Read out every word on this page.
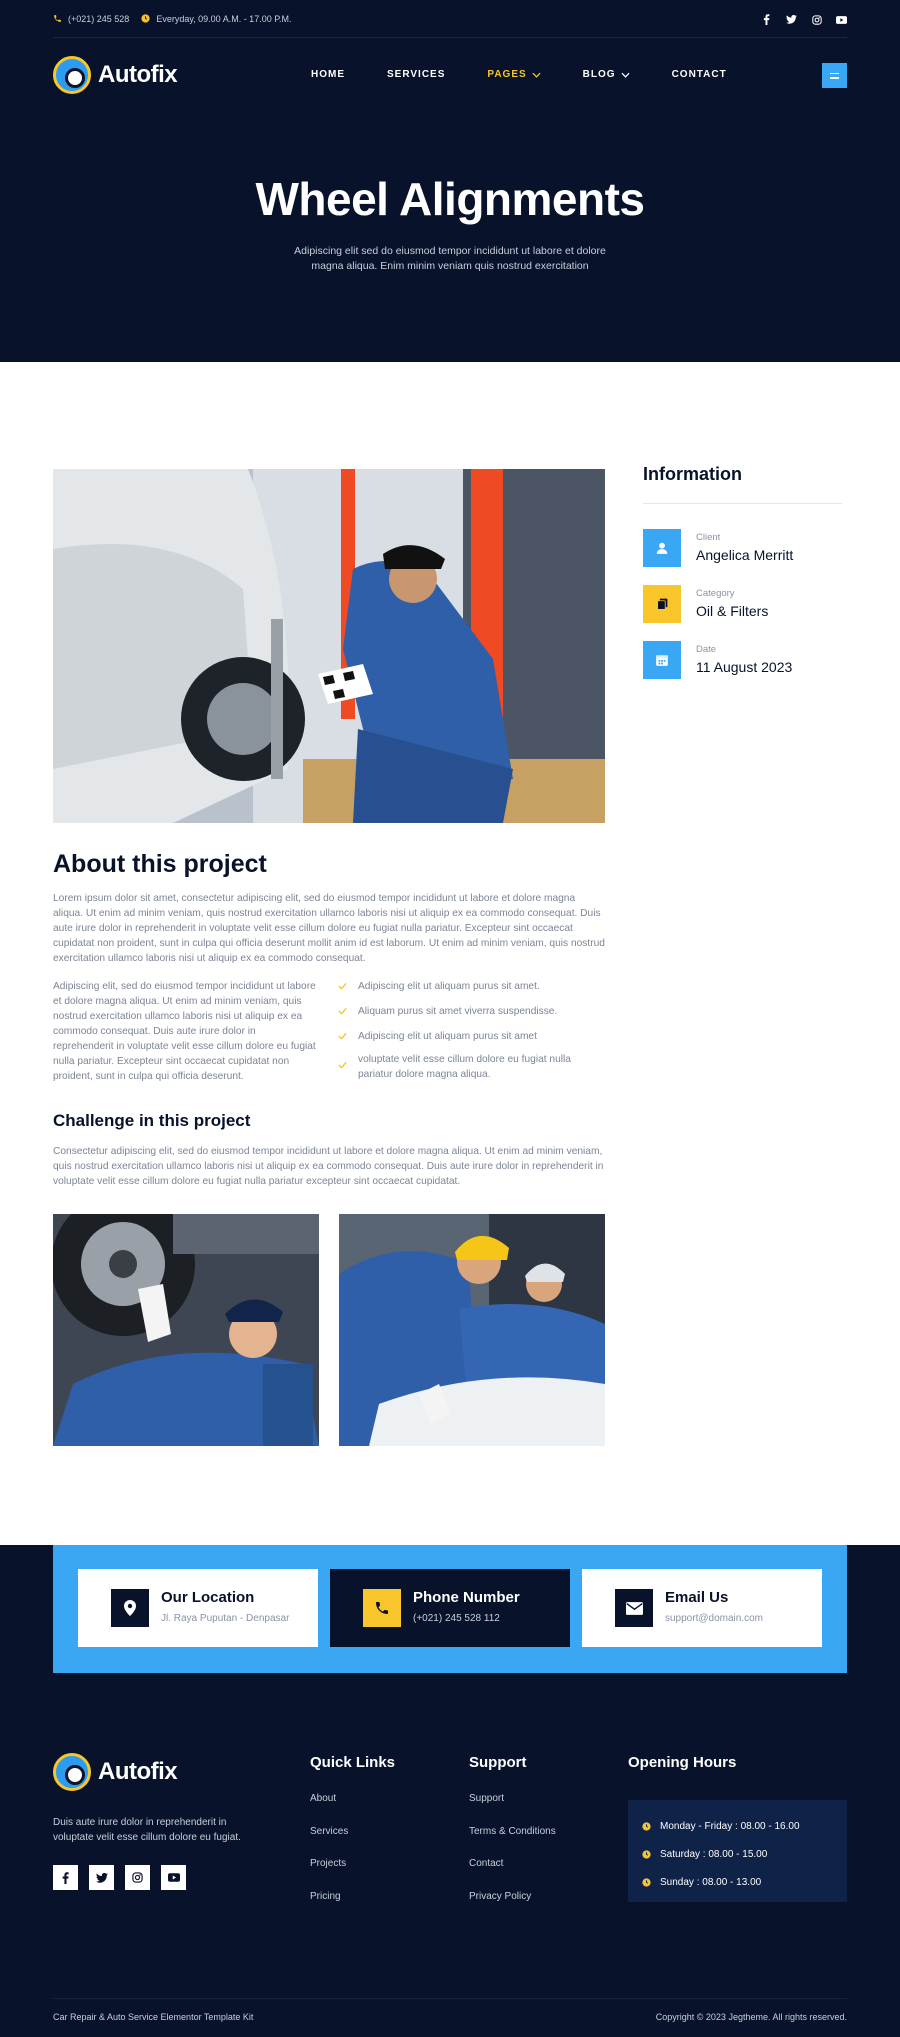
(+021) 245 528	Everyday, 09.00 A.M. - 17.00 P.M.
Autofix	HOME	SERVICES	PAGES	BLOG	CONTACT
Wheel Alignments

Adipiscing elit sed do eiusmod tempor incididunt ut labore et dolore magna aliqua. Enim minim veniam quis nostrud exercitation

About this project

Lorem ipsum dolor sit amet, consectetur adipiscing elit, sed do eiusmod tempor incididunt ut labore et dolore magna aliqua. Ut enim ad minim veniam, quis nostrud exercitation ullamco laboris nisi ut aliquip ex ea commodo consequat. Duis aute irure dolor in reprehenderit in voluptate velit esse cillum dolore eu fugiat nulla pariatur. Excepteur sint occaecat cupidatat non proident, sunt in culpa qui officia deserunt mollit anim id est laborum. Ut enim ad minim veniam, quis nostrud exercitation ullamco laboris nisi ut aliquip ex ea commodo consequat.

Adipiscing elit, sed do eiusmod tempor incididunt ut labore et dolore magna aliqua. Ut enim ad minim veniam, quis nostrud exercitation ullamco laboris nisi ut aliquip ex ea commodo consequat. Duis aute irure dolor in reprehenderit in voluptate velit esse cillum dolore eu fugiat nulla pariatur. Excepteur sint occaecat cupidatat non proident, sunt in culpa qui officia deserunt.

Adipiscing elit ut aliquam purus sit amet.
Aliquam purus sit amet viverra suspendisse.
Adipiscing elit ut aliquam purus sit amet
voluptate velit esse cillum dolore eu fugiat nulla pariatur dolore magna aliqua.
Challenge in this project

Consectetur adipiscing elit, sed do eiusmod tempor incididunt ut labore et dolore magna aliqua. Ut enim ad minim veniam, quis nostrud exercitation ullamco laboris nisi ut aliquip ex ea commodo consequat. Duis aute irure dolor in reprehenderit in voluptate velit esse cillum dolore eu fugiat nulla pariatur excepteur sint occaecat cupidatat.

Information
Client
Angelica Merritt
Category
Oil & Filters
Date
11 August 2023
Our Location
Jl. Raya Puputan - Denpasar
Phone Number
(+021) 245 528 112
Email Us
support@domain.com
Autofix

Duis aute irure dolor in reprehenderit in voluptate velit esse cillum dolore eu fugiat.

Quick Links
About
Services
Projects
Pricing
Support
Support
Terms & Conditions
Contact
Privacy Policy
Opening Hours
Monday - Friday : 08.00 - 16.00
Saturday : 08.00 - 15.00
Sunday : 08.00 - 13.00
Car Repair & Auto Service Elementor Template Kit	Copyright © 2023 Jegtheme. All rights reserved.
